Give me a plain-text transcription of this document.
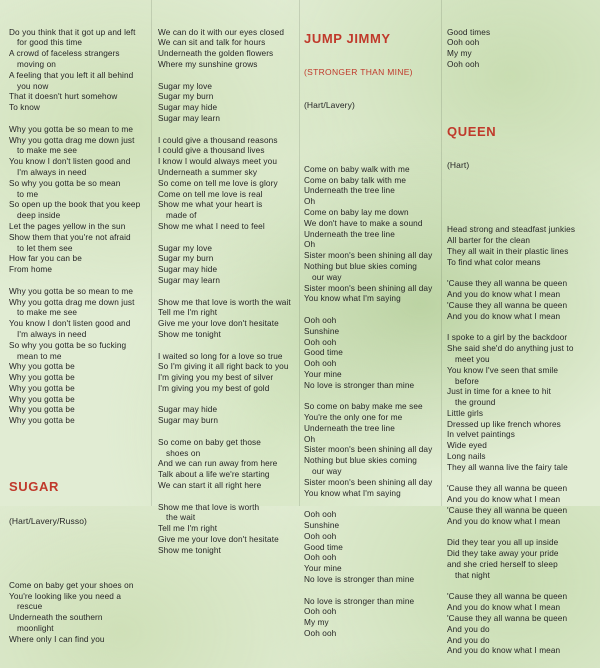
Do you think that it got up and left
for good this time
A crowd of faceless strangers
moving on
A feeling that you left it all behind
you now
That it doesn't hurt somehow
To know
Why you gotta be so mean to me
Why you gotta drag me down just
to make me see
You know I don't listen good and
I'm always in need
So why you gotta be so mean
to me
So open up the book that you keep
deep inside
Let the pages yellow in the sun
Show them that you're not afraid
to let them see
How far you can be
From home
Why you gotta be so mean to me
Why you gotta drag me down just
to make me see
You know I don't listen good and
I'm always in need
So why you gotta be so fucking
mean to me
Why you gotta be
Why you gotta be
Why you gotta be
Why you gotta be
Why you gotta be
Why you gotta be

SUGAR

(Hart/Lavery/Russo)

Come on baby get your shoes on
You're looking like you need a
rescue
Underneath the southern
moonlight
Where only I can find you

We can do it with our eyes closed
We can sit and talk for hours
Underneath the golden flowers
Where my sunshine grows
Sugar my love
Sugar my burn
Sugar may hide
Sugar may learn
I could give a thousand reasons
I could give a thousand lives
I know I would always meet you
Underneath a summer sky
So come on tell me love is glory
Come on tell me love is real
Show me what your heart is
made of
Show me what I need to feel
Sugar my love
Sugar my burn
Sugar may hide
Sugar may learn
Show me that love is worth the wait
Tell me I'm right
Give me your love don't hesitate
Show me tonight
I waited so long for a love so true
So I'm giving it all right back to you
I'm giving you my best of silver
I'm giving you my best of gold
Sugar may hide
Sugar may burn
So come on baby get those
shoes on
And we can run away from here
Talk about a life we're starting
We can start it all right here
Show me that love is worth
the wait
Tell me I'm right
Give me your love don't hesitate
Show me tonight

JUMP JIMMY

(STRONGER THAN MINE)

(Hart/Lavery)

Come on baby walk with me
Come on baby talk with me
Underneath the tree line
Oh
Come on baby lay me down
We don't have to make a sound
Underneath the tree line
Oh
Sister moon's been shining all day
Nothing but blue skies coming
our way
Sister moon's been shining all day
You know what I'm saying
Ooh ooh
Sunshine
Ooh ooh
Good time
Ooh ooh
Your mine
No love is stronger than mine
So come on baby make me see
You're the only one for me
Underneath the tree line
Oh
Sister moon's been shining all day
Nothing but blue skies coming
our way
Sister moon's been shining all day
You know what I'm saying
Ooh ooh
Sunshine
Ooh ooh
Good time
Ooh ooh
Your mine
No love is stronger than mine
No love is stronger than mine
Ooh ooh
My my
Ooh ooh

Good times
Ooh ooh
My my
Ooh ooh

QUEEN

(Hart)

Head strong and steadfast junkies
All barter for the clean
They all wait in their plastic lines
To find what color means
'Cause they all wanna be queen
And you do know what I mean
'Cause they all wanna be queen
And you do know what I mean
I spoke to a girl by the backdoor
She said she'd do anything just to
meet you
You know I've seen that smile
before
Just in time for a knee to hit
the ground
Little girls
Dressed up like french whores
In velvet paintings
Wide eyed
Long nails
They all wanna live the fairy tale
'Cause they all wanna be queen
And you do know what I mean
'Cause they all wanna be queen
And you do know what I mean
Did they tear you all up inside
Did they take away your pride
and she cried herself to sleep
that night
'Cause they all wanna be queen
And you do know what I mean
'Cause they all wanna be queen
And you do
And you do
And you do know what I mean
